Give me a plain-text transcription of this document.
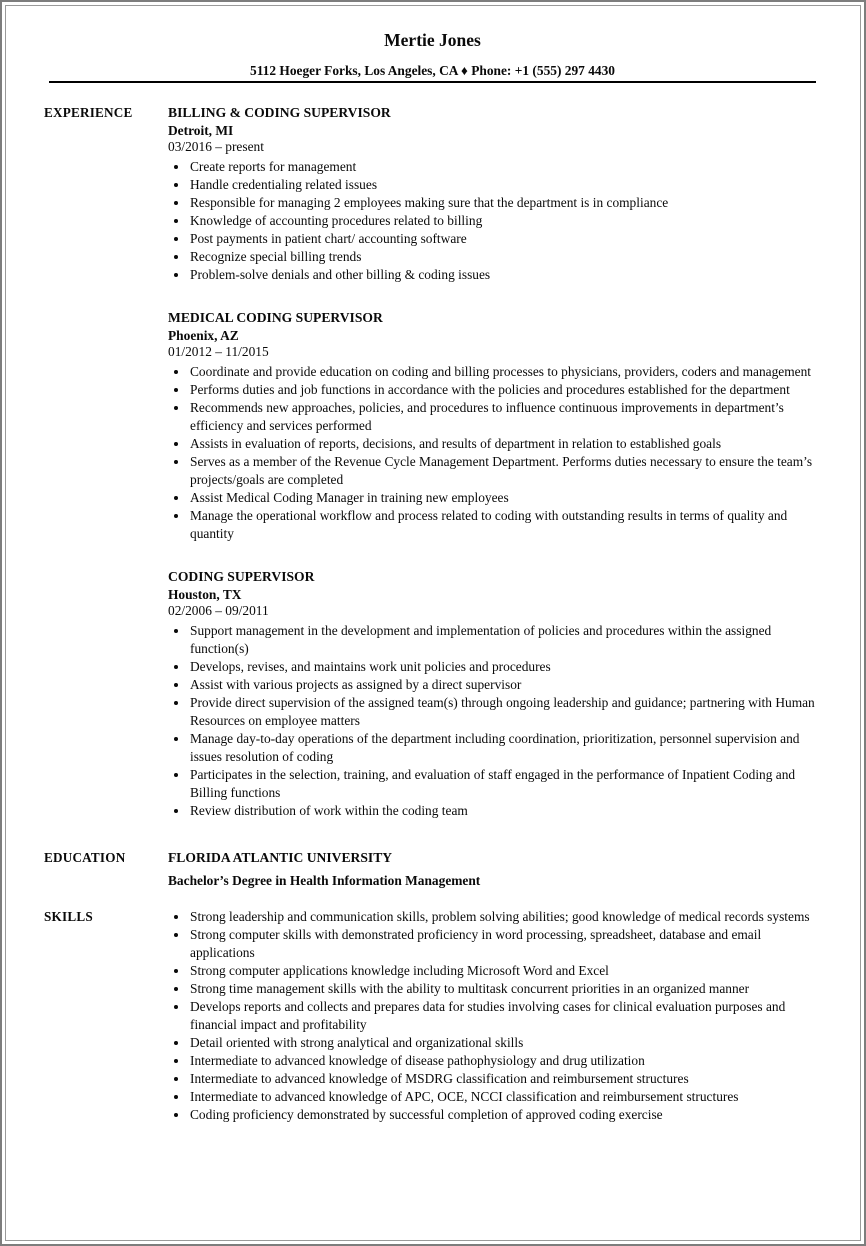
Mertie Jones

5112 Hoeger Forks, Los Angeles, CA ♦ Phone: +1 (555) 297 4430

EXPERIENCE	BILLING & CODING SUPERVISOR
Detroit, MI
03/2016 – present
• Create reports for management
• Handle credentialing related issues
• Responsible for managing 2 employees making sure that the department is in compliance
• Knowledge of accounting procedures related to billing
• Post payments in patient chart/ accounting software
• Recognize special billing trends
• Problem-solve denials and other billing & coding issues
MEDICAL CODING SUPERVISOR
Phoenix, AZ
01/2012 – 11/2015
• Coordinate and provide education on coding and billing processes to physicians, providers, coders and management
• Performs duties and job functions in accordance with the policies and procedures established for the department
• Recommends new approaches, policies, and procedures to influence continuous improvements in department’s efficiency and services performed
• Assists in evaluation of reports, decisions, and results of department in relation to established goals
• Serves as a member of the Revenue Cycle Management Department. Performs duties necessary to ensure the team’s projects/goals are completed
• Assist Medical Coding Manager in training new employees
• Manage the operational workflow and process related to coding with outstanding results in terms of quality and quantity
CODING SUPERVISOR
Houston, TX
02/2006 – 09/2011
• Support management in the development and implementation of policies and procedures within the assigned function(s)
• Develops, revises, and maintains work unit policies and procedures
• Assist with various projects as assigned by a direct supervisor
• Provide direct supervision of the assigned team(s) through ongoing leadership and guidance; partnering with Human Resources on employee matters
• Manage day-to-day operations of the department including coordination, prioritization, personnel supervision and issues resolution of coding
• Participates in the selection, training, and evaluation of staff engaged in the performance of Inpatient Coding and Billing functions
• Review distribution of work within the coding team
EDUCATION	FLORIDA ATLANTIC UNIVERSITY
Bachelor’s Degree in Health Information Management
SKILLS	• Strong leadership and communication skills, problem solving abilities; good knowledge of medical records systems
• Strong computer skills with demonstrated proficiency in word processing, spreadsheet, database and email applications
• Strong computer applications knowledge including Microsoft Word and Excel
• Strong time management skills with the ability to multitask concurrent priorities in an organized manner
• Develops reports and collects and prepares data for studies involving cases for clinical evaluation purposes and financial impact and profitability
• Detail oriented with strong analytical and organizational skills
• Intermediate to advanced knowledge of disease pathophysiology and drug utilization
• Intermediate to advanced knowledge of MSDRG classification and reimbursement structures
• Intermediate to advanced knowledge of APC, OCE, NCCI classification and reimbursement structures
• Coding proficiency demonstrated by successful completion of approved coding exercise
